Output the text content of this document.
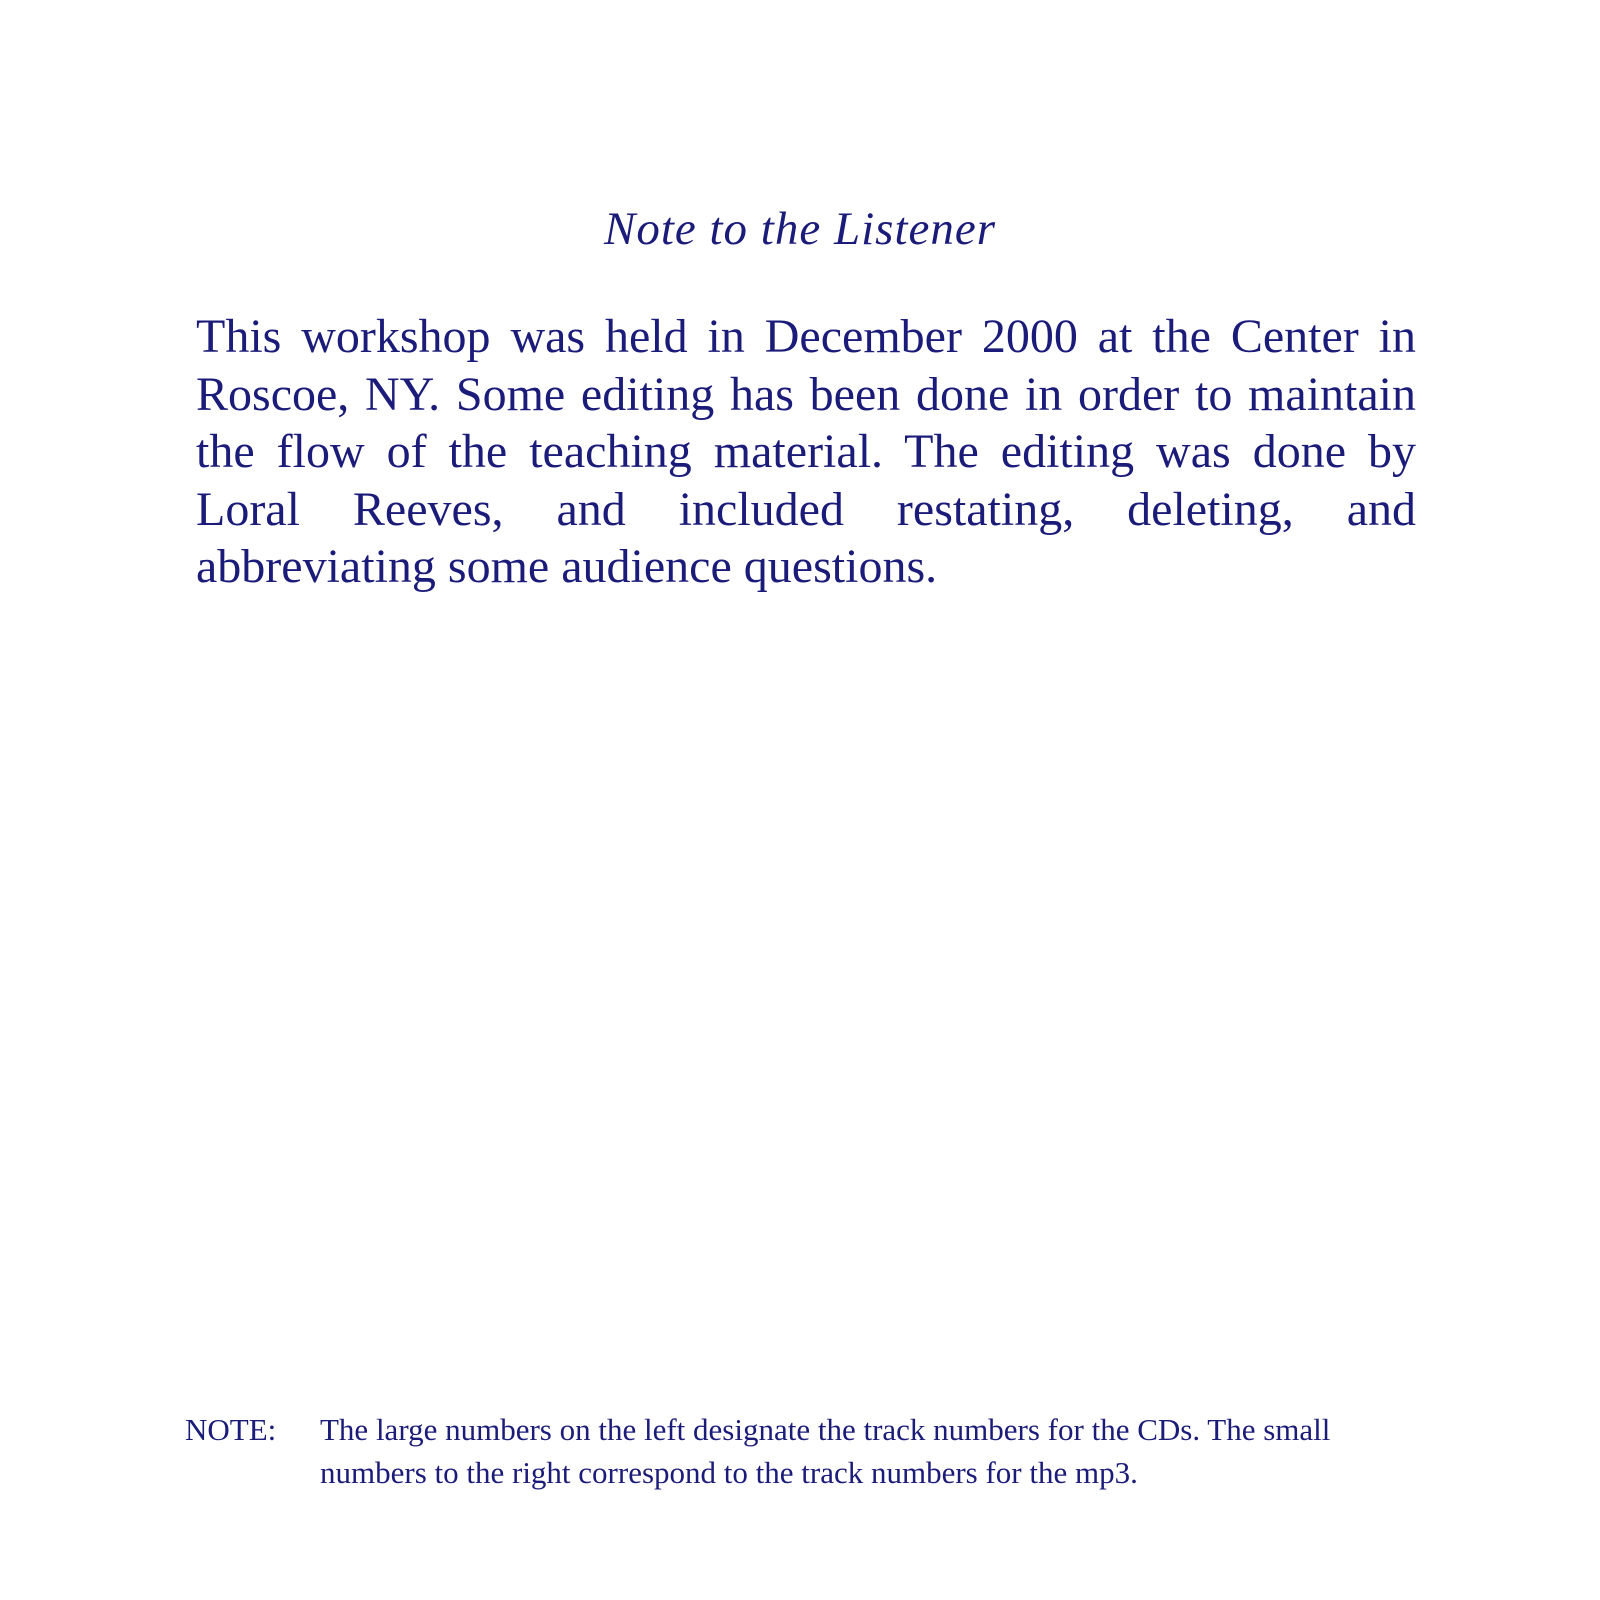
Note to the Listener
This workshop was held in December 2000 at the Center in Roscoe, NY. Some editing has been done in order to maintain the flow of the teaching material. The editing was done by Loral Reeves, and included restating, deleting, and abbreviating some audience questions.
NOTE:	The large numbers on the left designate the track numbers for the CDs. The small numbers to the right correspond to the track numbers for the mp3.
